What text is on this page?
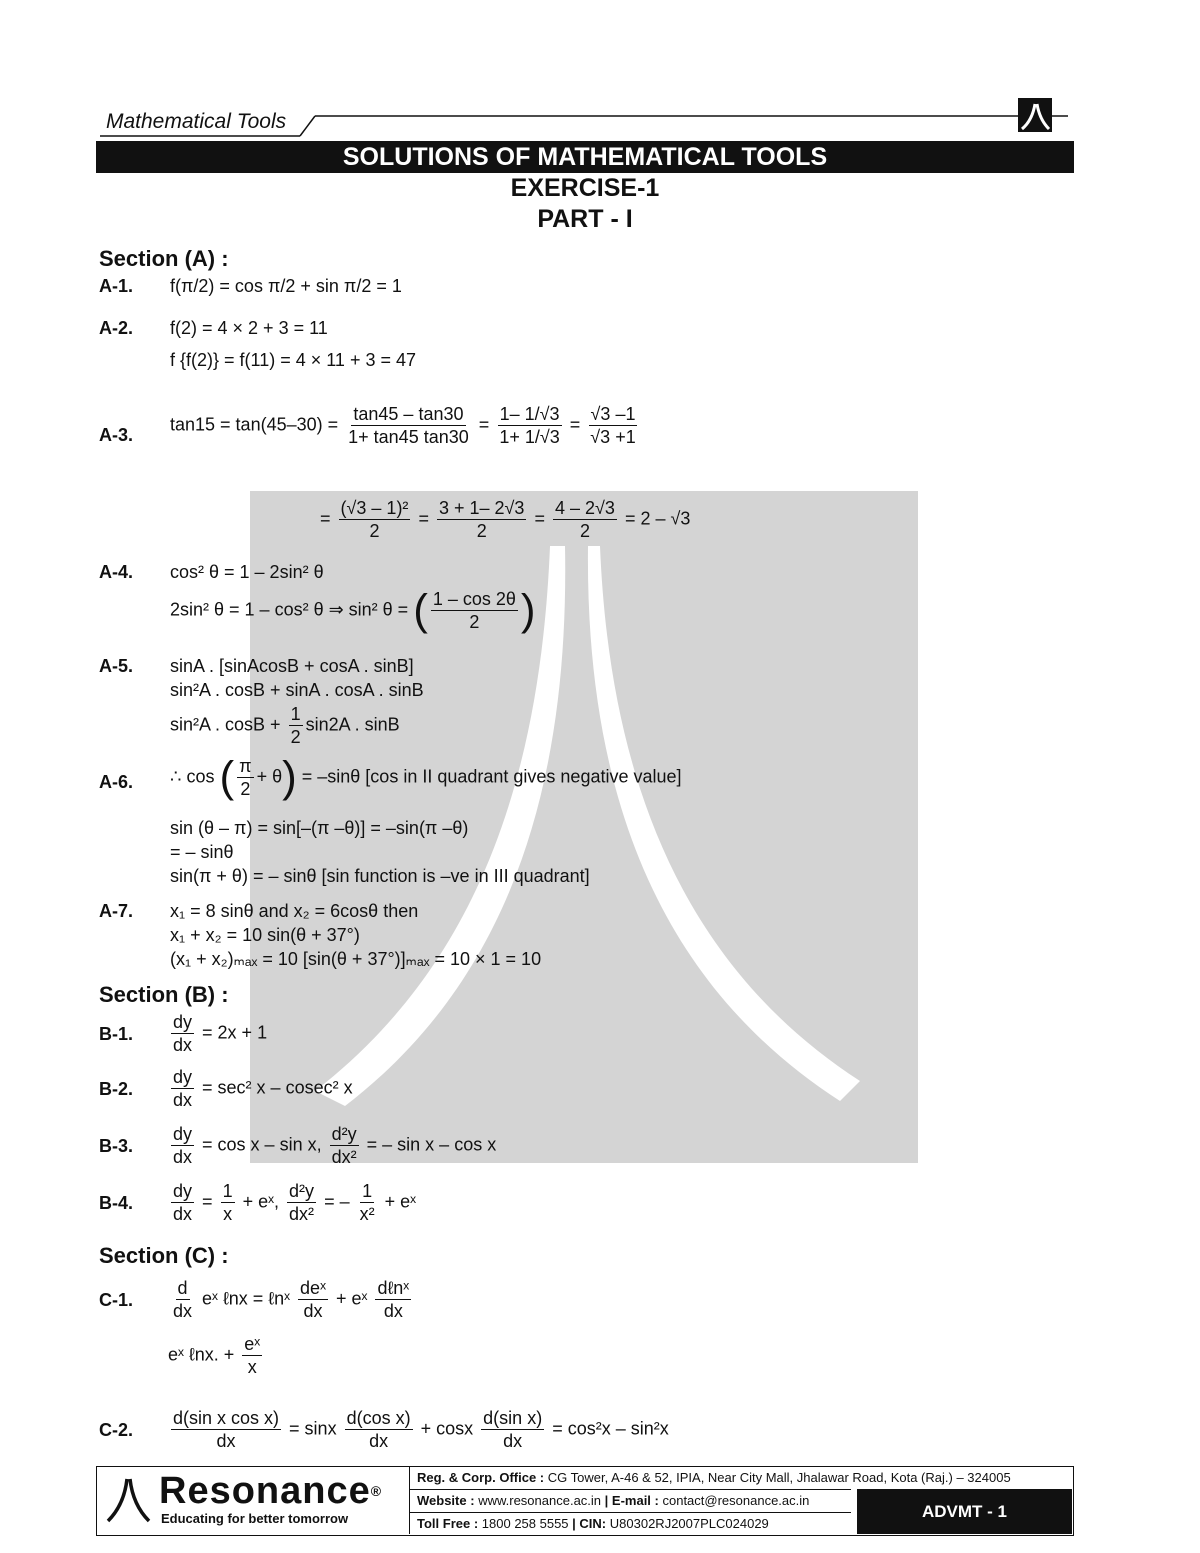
Mathematical Tools
SOLUTIONS OF MATHEMATICAL TOOLS
EXERCISE-1
PART - I
Section (A) :
A-1. f(π/2) = cos π/2 + sin π/2 = 1
A-2. f(2) = 4 × 2 + 3 = 11
f {f(2)} = f(11) = 4 × 11 + 3 = 47
A-3.
$\tan 15 = \tan(45-30) = \frac{\tan 45 - \tan 30}{1+ \tan 45 \tan 30} = \frac{1- 1/√3}{1+ 1/√3} = \frac{√3 -1}{√3 +1}$
= $\frac{\text{(√3 – 1)²}}{2} = \frac{3 + 1- 2√3}{2} = \frac{4 - 2√3}{2} = 2 - √3$
A-4. cos² θ = 1 – 2sin² θ
2sin² θ = 1 – cos² θ ⇒ sin² θ = ( $\frac{1 - \cos 2\theta}{2}$ )
A-5. sinA . [sinAcosB + cosA . sinB]
sin²A . cosB + sinA . cosA . sinB
sin²A . $\cos B + \frac{1}{2} \sin 2A$ . sinB
A-6. ∴ cos ( $\frac{\pi}{2} + \theta) = -\sin\theta$ [cos in II quadrant gives negative value]
sin (θ – π) = sin[–(π –θ)] = –sin(π –θ)
= – sinθ
sin(π + θ) = – sinθ [sin function is –ve in III quadrant]
A-7. x₁ = 8 sinθ and x₂ = 6cosθ then
x₁ + x₂ = 10 sin(θ + 37°)
(x₁ + x₂)ₘₐₓ = 10 [sin(θ + 37°)]ₘₐₓ = 10 × 1 = 10
Section (B) :
B-1. $\frac{dy}{dx} = 2x + 1$
B-2. $\frac{dy}{dx} = \sec^2$ x – cosec² x
B-3. $\frac{dy}{dx} = \cos x - \sin x$, $\frac{\text{d²y}}{\text{dx²}}$ = – sin x – cos x
B-4. $\frac{dy}{dx} = \frac{1}{x}$ + eˣ, $\frac{\text{d²y}}{\text{dx²}}$ = – $\frac{1}{\text{x²}}$ + eˣ
Section (C) :
C-1. $\frac{d}{dx}$ eˣ ℓnx = ℓnˣ $\frac{\text{deˣ}}{dx}$ + eˣ $\frac{\text{dℓnˣ}}{dx}$
eˣ ℓnx. + $\frac{\text{eˣ}}{x}$
C-2. $\frac{\text{d(sin x cos x)}}{dx} = \sin x \frac{\text{d(cos x)}}{dx} + \cos x \frac{\text{d(sin x)}}{dx} = \cos^2x - \sin^2x$
Resonance®
Educating for better tomorrow
Reg. & Corp. Office : CG Tower, A-46 & 52, IPIA, Near City Mall, Jhalawar Road, Kota (Raj.) – 324005
Website : www.resonance.ac.in | E-mail : contact@resonance.ac.in
Toll Free : 1800 258 5555 | CIN: U80302RJ2007PLC024029
ADVMT - 1
